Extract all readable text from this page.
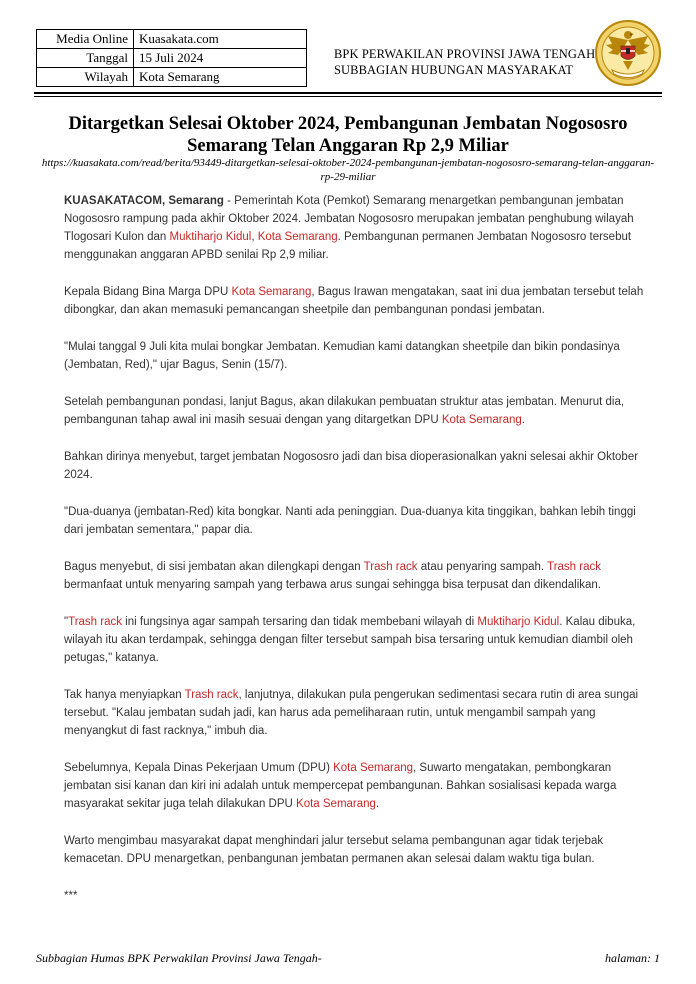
Media Online	Kuasakata.com
Tanggal	15 Juli 2024
Wilayah	Kota Semarang
BPK PERWAKILAN PROVINSI JAWA TENGAH
SUBBAGIAN HUBUNGAN MASYARAKAT
Ditargetkan Selesai Oktober 2024, Pembangunan Jembatan Nogososro Semarang Telan Anggaran Rp 2,9 Miliar
https://kuasakata.com/read/berita/93449-ditargetkan-selesai-oktober-2024-pembangunan-jembatan-nogososro-semarang-telan-anggaran-rp-29-miliar

KUASAKATACOM, Semarang - Pemerintah Kota (Pemkot) Semarang menargetkan pembangunan jembatan Nogososro rampung pada akhir Oktober 2024. Jembatan Nogososro merupakan jembatan penghubung wilayah Tlogosari Kulon dan Muktiharjo Kidul, Kota Semarang. Pembangunan permanen Jembatan Nogososro tersebut menggunakan anggaran APBD senilai Rp 2,9 miliar.

Kepala Bidang Bina Marga DPU Kota Semarang, Bagus Irawan mengatakan, saat ini dua jembatan tersebut telah dibongkar, dan akan memasuki pemancangan sheetpile dan pembangunan pondasi jembatan.

"Mulai tanggal 9 Juli kita mulai bongkar Jembatan. Kemudian kami datangkan sheetpile dan bikin pondasinya (Jembatan, Red)," ujar Bagus, Senin (15/7).

Setelah pembangunan pondasi, lanjut Bagus, akan dilakukan pembuatan struktur atas jembatan. Menurut dia, pembangunan tahap awal ini masih sesuai dengan yang ditargetkan DPU Kota Semarang.

Bahkan dirinya menyebut, target jembatan Nogososro jadi dan bisa dioperasionalkan yakni selesai akhir Oktober 2024.

"Dua-duanya (jembatan-Red) kita bongkar. Nanti ada peninggian. Dua-duanya kita tinggikan, bahkan lebih tinggi dari jembatan sementara," papar dia.

Bagus menyebut, di sisi jembatan akan dilengkapi dengan Trash rack atau penyaring sampah. Trash rack bermanfaat untuk menyaring sampah yang terbawa arus sungai sehingga bisa terpusat dan dikendalikan.

"Trash rack ini fungsinya agar sampah tersaring dan tidak membebani wilayah di Muktiharjo Kidul. Kalau dibuka, wilayah itu akan terdampak, sehingga dengan filter tersebut sampah bisa tersaring untuk kemudian diambil oleh petugas," katanya.

Tak hanya menyiapkan Trash rack, lanjutnya, dilakukan pula pengerukan sedimentasi secara rutin di area sungai tersebut. "Kalau jembatan sudah jadi, kan harus ada pemeliharaan rutin, untuk mengambil sampah yang menyangkut di fast racknya," imbuh dia.

Sebelumnya, Kepala Dinas Pekerjaan Umum (DPU) Kota Semarang, Suwarto mengatakan, pembongkaran jembatan sisi kanan dan kiri ini adalah untuk mempercepat pembangunan. Bahkan sosialisasi kepada warga masyarakat sekitar juga telah dilakukan DPU Kota Semarang.

Warto mengimbau masyarakat dapat menghindari jalur tersebut selama pembangunan agar tidak terjebak kemacetan. DPU menargetkan, penbangunan jembatan permanen akan selesai dalam waktu tiga bulan.

***

Subbagian Humas BPK Perwakilan Provinsi Jawa Tengah-	halaman: 1
